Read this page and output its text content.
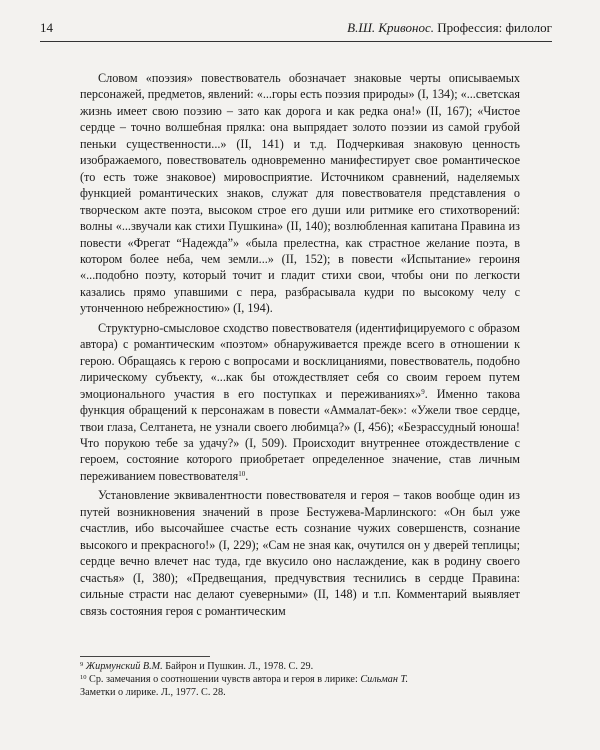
14	В.Ш. Кривонос. Профессия: филолог

Словом «поэзия» повествователь обозначает знаковые черты описываемых персонажей, предметов, явлений: «...горы есть поэзия природы» (I, 134); «...светская жизнь имеет свою поэзию – зато как дорога и как редка она!» (II, 167); «Чистое сердце – точно волшебная прялка: она выпрядает золото поэзии из самой грубой пеньки существенности...» (II, 141) и т.д. Подчеркивая знаковую ценность изображаемого, повествователь одновременно манифестирует свое романтическое (то есть тоже знаковое) мировосприятие. Источником сравнений, наделяемых функцией романтических знаков, служат для повествователя представления о творческом акте поэта, высоком строе его души или ритмике его стихотворений: волны «...звучали как стихи Пушкина» (II, 140); возлюбленная капитана Правина из повести «Фрегат “Надежда”» «была прелестна, как страстное желание поэта, в котором более неба, чем земли...» (II, 152); в повести «Испытание» героиня «...подобно поэту, который точит и гладит стихи свои, чтобы они по легкости казались прямо упавшими с пера, разбрасывала кудри по высокому челу с утонченною небрежностию» (I, 194).

Структурно-смысловое сходство повествователя (идентифицируемого с образом автора) с романтическим «поэтом» обнаруживается прежде всего в отношении к герою. Обращаясь к герою с вопросами и восклицаниями, повествователь, подобно лирическому субъекту, «...как бы отождествляет себя со своим героем путем эмоционального участия в его поступках и переживаниях»$^9$. Именно такова функция обращений к персонажам в повести «Аммалат-бек»: «Ужели твое сердце, твои глаза, Селтанета, не узнали своего любимца?» (I, 456); «Безрассудный юноша! Что порукою тебе за удачу?» (I, 509). Происходит внутреннее отождествление с героем, состояние которого приобретает определенное значение, став личным переживанием повествователя$^{10}$.

Установление эквивалентности повествователя и героя – таков вообще один из путей возникновения значений в прозе Бестужева-Марлинского: «Он был уже счастлив, ибо высочайшее счастье есть сознание чужих совершенств, сознание высокого и прекрасного!» (I, 229); «Сам не зная как, очутился он у дверей теплицы; сердце вечно влечет нас туда, где вкусило оно наслаждение, как в родину своего счастья» (I, 380); «Предвещания, предчувствия теснились в сердце Правина: сильные страсти нас делают суеверными» (II, 148) и т.п. Комментарий выявляет связь состояния героя с романтическим

$^9$ Жирмунский В.М. Байрон и Пушкин. Л., 1978. С. 29.

$^{10}$ Ср. замечания о соотношении чувств автора и героя в лирике: Сильман Т.

Заметки о лирике. Л., 1977. С. 28.
